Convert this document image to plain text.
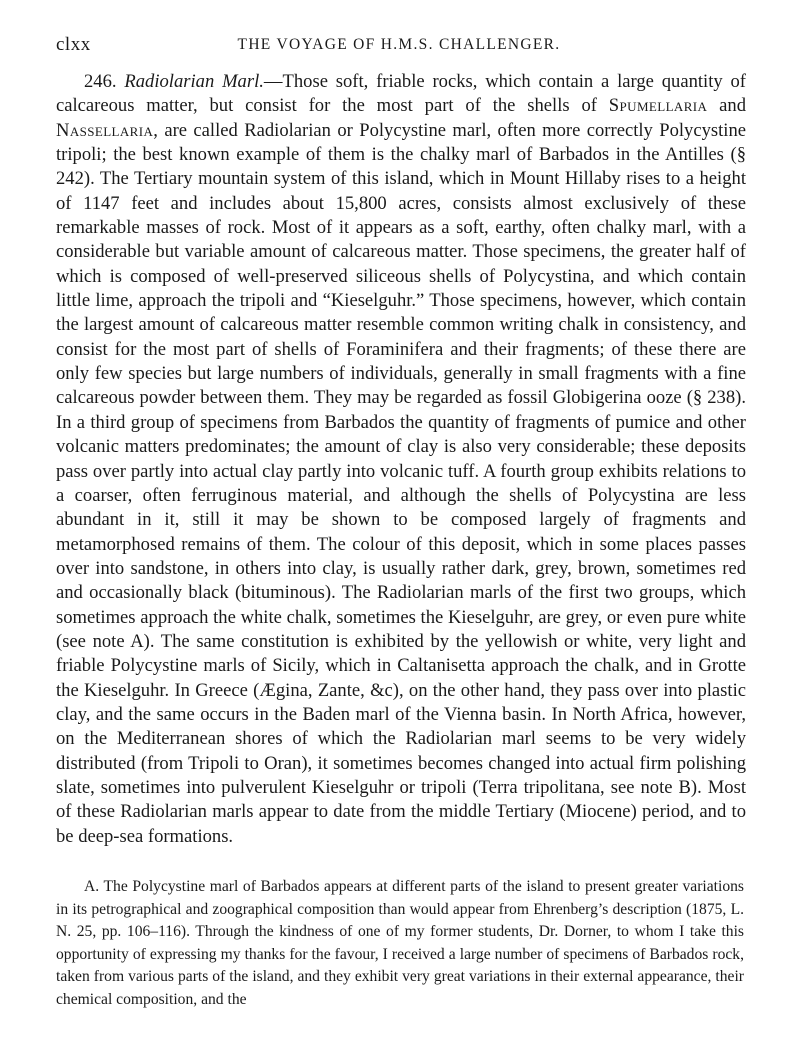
clxx	THE VOYAGE OF H.M.S. CHALLENGER.

246. Radiolarian Marl.—Those soft, friable rocks, which contain a large quantity of calcareous matter, but consist for the most part of the shells of Spumellaria and Nassellaria, are called Radiolarian or Polycystine marl, often more correctly Polycystine tripoli; the best known example of them is the chalky marl of Barbados in the Antilles (§ 242). The Tertiary mountain system of this island, which in Mount Hillaby rises to a height of 1147 feet and includes about 15,800 acres, consists almost exclusively of these remarkable masses of rock. Most of it appears as a soft, earthy, often chalky marl, with a considerable but variable amount of calcareous matter. Those specimens, the greater half of which is composed of well-preserved siliceous shells of Polycystina, and which contain little lime, approach the tripoli and “Kieselguhr.” Those specimens, however, which contain the largest amount of calcareous matter resemble common writing chalk in consistency, and consist for the most part of shells of Foraminifera and their fragments; of these there are only few species but large numbers of individuals, generally in small fragments with a fine calcareous powder between them. They may be regarded as fossil Globigerina ooze (§ 238). In a third group of specimens from Barbados the quantity of fragments of pumice and other volcanic matters predominates; the amount of clay is also very considerable; these deposits pass over partly into actual clay partly into volcanic tuff. A fourth group exhibits relations to a coarser, often ferruginous material, and although the shells of Polycystina are less abundant in it, still it may be shown to be composed largely of fragments and metamorphosed remains of them. The colour of this deposit, which in some places passes over into sandstone, in others into clay, is usually rather dark, grey, brown, sometimes red and occasionally black (bituminous). The Radiolarian marls of the first two groups, which sometimes approach the white chalk, sometimes the Kieselguhr, are grey, or even pure white (see note A). The same constitution is exhibited by the yellowish or white, very light and friable Polycystine marls of Sicily, which in Caltanisetta approach the chalk, and in Grotte the Kieselguhr. In Greece (Ægina, Zante, &c), on the other hand, they pass over into plastic clay, and the same occurs in the Baden marl of the Vienna basin. In North Africa, however, on the Mediterranean shores of which the Radiolarian marl seems to be very widely distributed (from Tripoli to Oran), it sometimes becomes changed into actual firm polishing slate, sometimes into pulverulent Kieselguhr or tripoli (Terra tripolitana, see note B). Most of these Radiolarian marls appear to date from the middle Tertiary (Miocene) period, and to be deep-sea formations.

A. The Polycystine marl of Barbados appears at different parts of the island to present greater variations in its petrographical and zoographical composition than would appear from Ehrenberg’s description (1875, L. N. 25, pp. 106–116). Through the kindness of one of my former students, Dr. Dorner, to whom I take this opportunity of expressing my thanks for the favour, I received a large number of specimens of Barbados rock, taken from various parts of the island, and they exhibit very great variations in their external appearance, their chemical composition, and the
